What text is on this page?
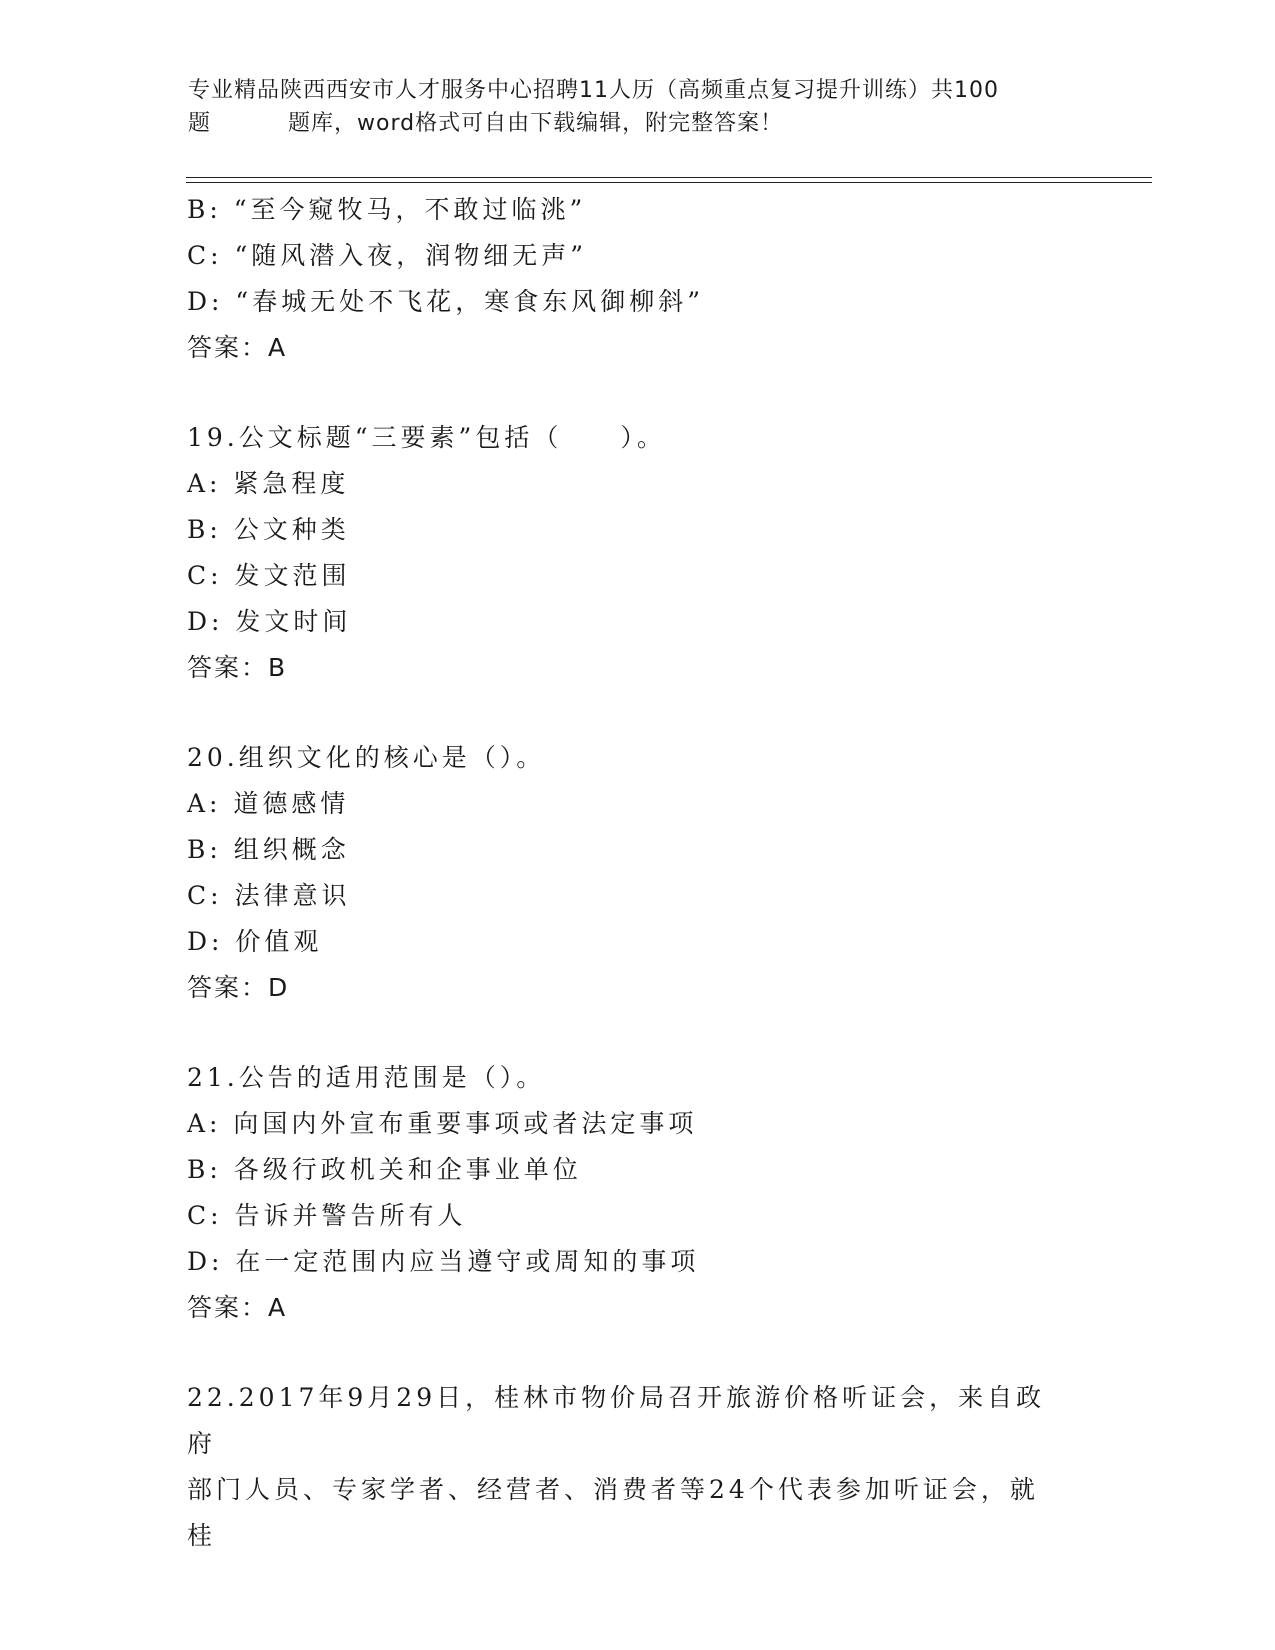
专业精品陕西西安市人才服务中心招聘11人历（高频重点复习提升训练）共100
题	题库，word格式可自由下载编辑，附完整答案！
B: “至今窥牧马，不敢过临洮”
C: “随风潜入夜，润物细无声”
D: “春城无处不飞花，寒食东风御柳斜”
答案：A
19.公文标题“三要素”包括（　　）。
A: 紧急程度
B: 公文种类
C: 发文范围
D: 发文时间
答案：B
20.组织文化的核心是（）。
A: 道德感情
B: 组织概念
C: 法律意识
D: 价值观
答案：D
21.公告的适用范围是（）。
A: 向国内外宣布重要事项或者法定事项
B: 各级行政机关和企事业单位
C: 告诉并警告所有人
D: 在一定范围内应当遵守或周知的事项
答案：A
22.2017年9月29日，桂林市物价局召开旅游价格听证会，来自政府
部门人员、专家学者、经营者、消费者等24个代表参加听证会，就桂
